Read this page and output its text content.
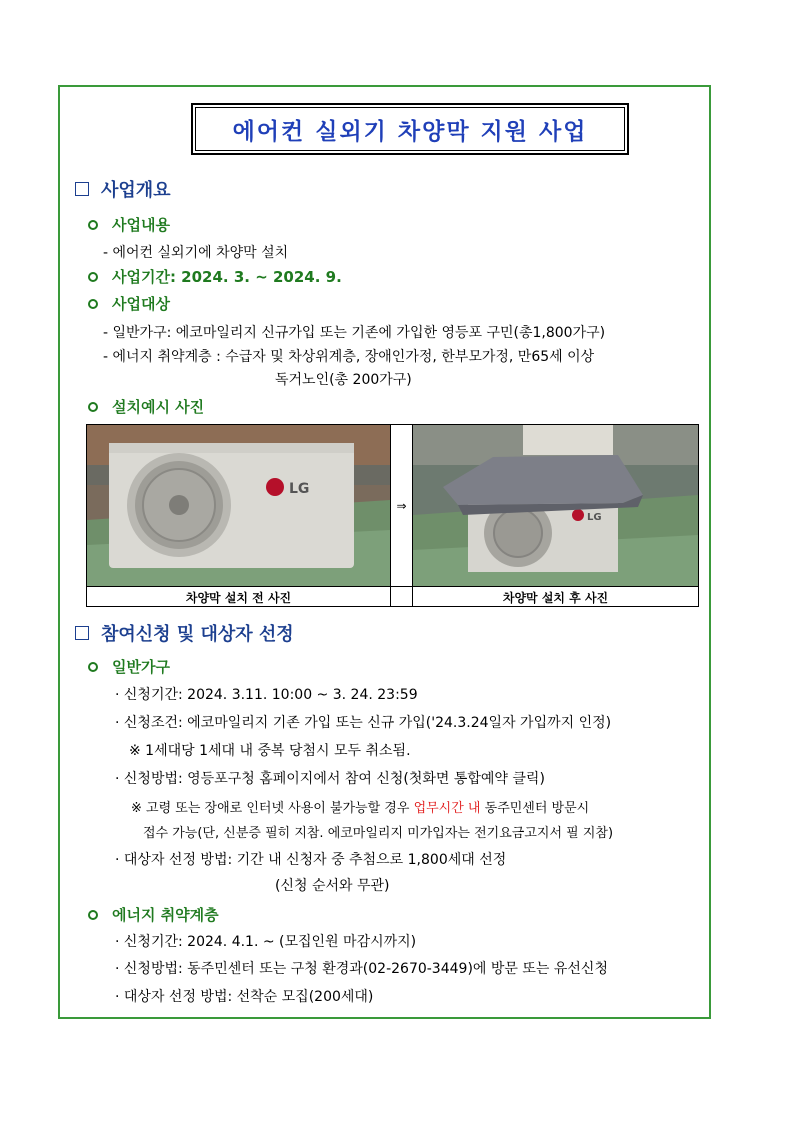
에어컨 실외기 차양막 지원 사업
사업개요
사업내용
- 에어컨 실외기에 차양막 설치
사업기간: 2024. 3. ~ 2024. 9.
사업대상
- 일반가구: 에코마일리지 신규가입 또는 기존에 가입한 영등포 구민(총1,800가구)
- 에너지 취약계층 : 수급자 및 차상위계층, 장애인가정, 한부모가정, 만65세 이상
독거노인(총 200가구)
설치예시 사진
LG
⇒
LG
차양막 설치 전 사진	차양막 설치 후 사진
참여신청 및 대상자 선정
일반가구
· 신청기간: 2024. 3.11. 10:00 ~ 3. 24. 23:59
· 신청조건: 에코마일리지 기존 가입 또는 신규 가입('24.3.24일자 가입까지 인정)
※ 1세대당 1세대 내 중복 당첨시 모두 취소됨.
· 신청방법: 영등포구청 홈페이지에서 참여 신청(첫화면 통합예약 클릭)
※ 고령 또는 장애로 인터넷 사용이 불가능할 경우 업무시간 내 동주민센터 방문시
접수 가능(단, 신분증 필히 지참. 에코마일리지 미가입자는 전기요금고지서 필 지참)
· 대상자 선정 방법: 기간 내 신청자 중 추첨으로 1,800세대 선정
(신청 순서와 무관)
에너지 취약계층
· 신청기간: 2024. 4.1. ~ (모집인원 마감시까지)
· 신청방법: 동주민센터 또는 구청 환경과(02-2670-3449)에 방문 또는 유선신청
· 대상자 선정 방법: 선착순 모집(200세대)
